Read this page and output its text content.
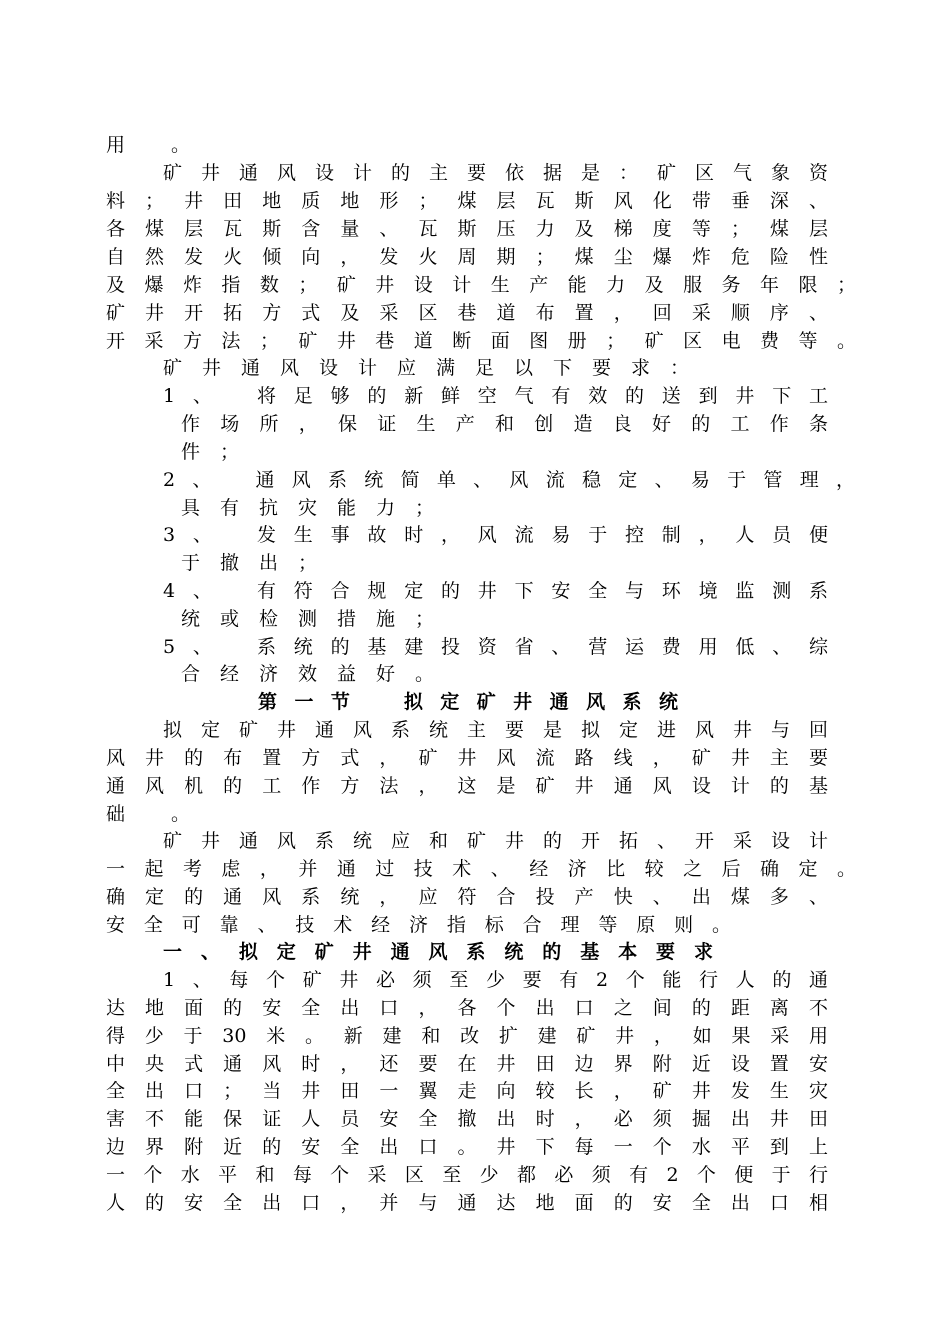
用 。
矿井通风设计的主要依据是：矿区气象资
料；井田地质地形；煤层瓦斯风化带垂深、
各煤层瓦斯含量、瓦斯压力及梯度等；煤层
自然发火倾向，发火周期；煤尘爆炸危险性
及爆炸指数；矿井设计生产能力及服务年限；
矿井开拓方式及采区巷道布置，回采顺序、
开采方法；矿井巷道断面图册；矿区电费等。
矿井通风设计应满足以下要求：
1、　将足够的新鲜空气有效的送到井下工
作场所，保证生产和创造良好的工作条
件；
2、　通风系统简单、风流稳定、易于管理，
具有抗灾能力；
3、　发生事故时，风流易于控制，人员便
于撤出；
4、　有符合规定的井下安全与环境监测系
统或检测措施；
5、　系统的基建投资省、营运费用低、综
合经济效益好。
第一节　拟定矿井通风系统
拟定矿井通风系统主要是拟定进风井与回
风井的布置方式，矿井风流路线，矿井主要
通风机的工作方法，这是矿井通风设计的基
础 。
矿井通风系统应和矿井的开拓、开采设计
一起考虑，并通过技术、经济比较之后确定。
确定的通风系统，应符合投产快、出煤多、
安全可靠、技术经济指标合理等原则。
一、拟定矿井通风系统的基本要求
1、每个矿井必须至少要有2个能行人的通
达地面的安全出口，各个出口之间的距离不
得少于30米。新建和改扩建矿井，如果采用
中央式通风时，还要在井田边界附近设置安
全出口；当井田一翼走向较长，矿井发生灾
害不能保证人员安全撤出时，必须掘出井田
边界附近的安全出口。井下每一个水平到上
一个水平和每个采区至少都必须有2个便于行
人的安全出口，并与通达地面的安全出口相
